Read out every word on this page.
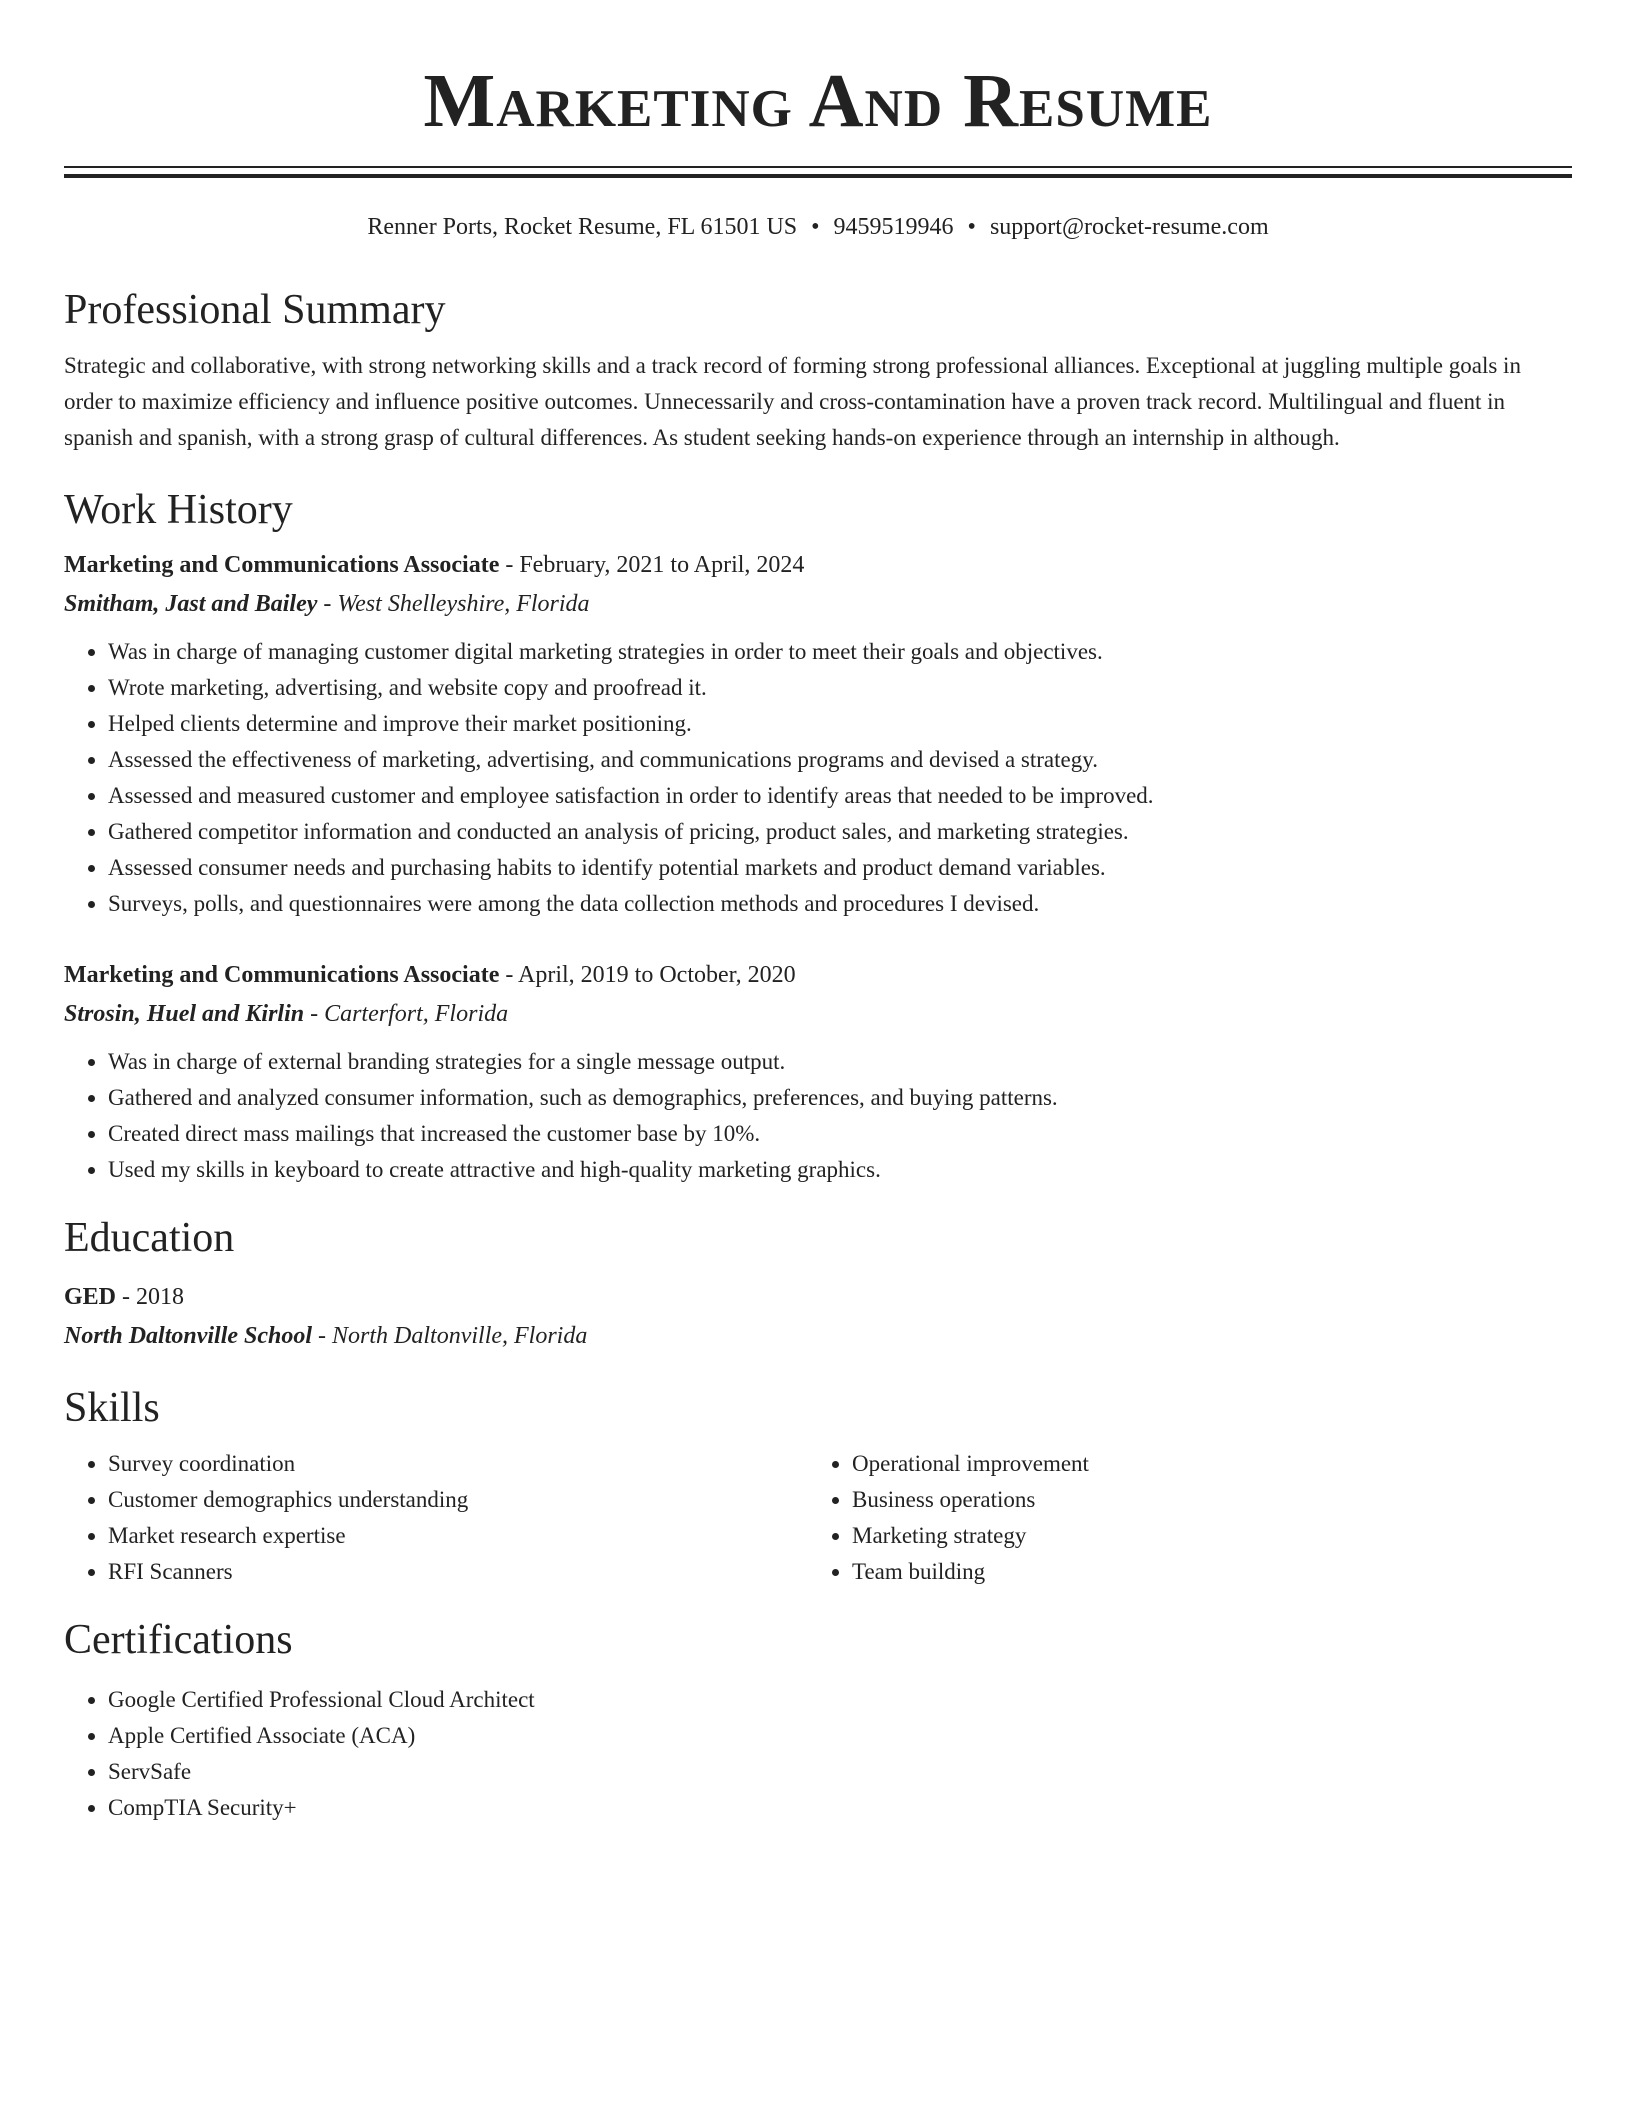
Marketing And Resume
Renner Ports, Rocket Resume, FL 61501 US • 9459519946 • support@rocket-resume.com
Professional Summary

Strategic and collaborative, with strong networking skills and a track record of forming strong professional alliances. Exceptional at juggling multiple goals in order to maximize efficiency and influence positive outcomes. Unnecessarily and cross-contamination have a proven track record. Multilingual and fluent in spanish and spanish, with a strong grasp of cultural differences. As student seeking hands-on experience through an internship in although.

Work History
Marketing and Communications Associate - February, 2021 to April, 2024
Smitham, Jast and Bailey - West Shelleyshire, Florida
• Was in charge of managing customer digital marketing strategies in order to meet their goals and objectives.
• Wrote marketing, advertising, and website copy and proofread it.
• Helped clients determine and improve their market positioning.
• Assessed the effectiveness of marketing, advertising, and communications programs and devised a strategy.
• Assessed and measured customer and employee satisfaction in order to identify areas that needed to be improved.
• Gathered competitor information and conducted an analysis of pricing, product sales, and marketing strategies.
• Assessed consumer needs and purchasing habits to identify potential markets and product demand variables.
• Surveys, polls, and questionnaires were among the data collection methods and procedures I devised.
Marketing and Communications Associate - April, 2019 to October, 2020
Strosin, Huel and Kirlin - Carterfort, Florida
• Was in charge of external branding strategies for a single message output.
• Gathered and analyzed consumer information, such as demographics, preferences, and buying patterns.
• Created direct mass mailings that increased the customer base by 10%.
• Used my skills in keyboard to create attractive and high-quality marketing graphics.
Education
GED - 2018
North Daltonville School - North Daltonville, Florida
Skills
• Survey coordination
• Customer demographics understanding
• Market research expertise
• RFI Scanners
• Operational improvement
• Business operations
• Marketing strategy
• Team building
Certifications
• Google Certified Professional Cloud Architect
• Apple Certified Associate (ACA)
• ServSafe
• CompTIA Security+
